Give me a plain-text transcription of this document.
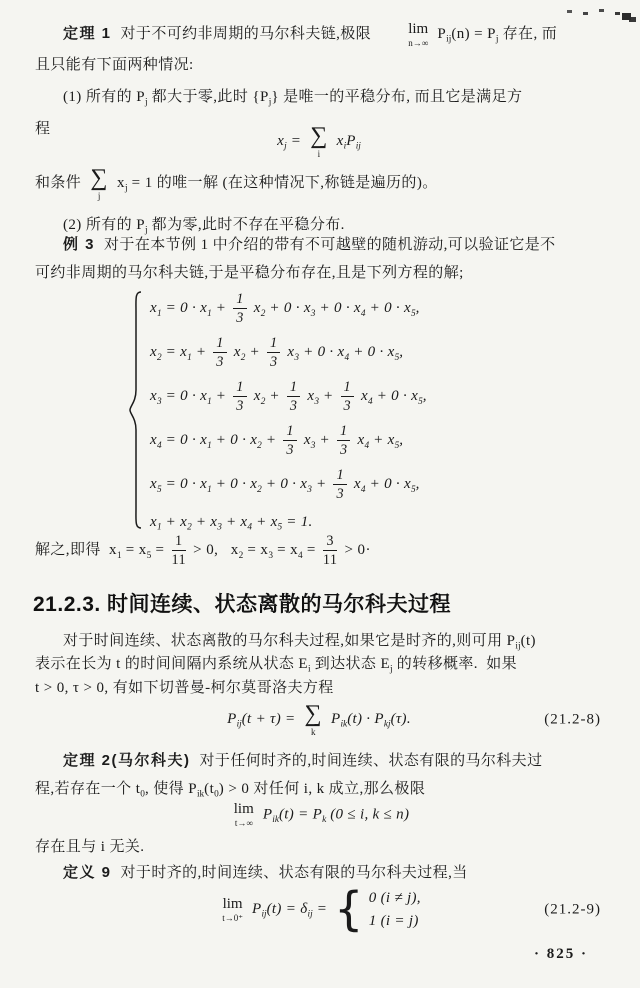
定理 1 对于不可约非周期的马尔科夫链,极限	lim
n→∞
$P_{ij}(n) = P_j$ 存在, 而
且只能有下面两种情况:
(1) 所有的 $P_j$ 都大于零,此时 $\{P_j\}$ 是唯一的平稳分布, 而且它是满足方
程
$x_j$ = ∑
i
$x_iP_{ij}$
和条件 ∑
j
$x_j = 1$ 的唯一解 (在这种情况下,称链是遍历的)。
(2) 所有的 $P_j$ 都为零,此时不存在平稳分布.
例 3 对于在本节例 1 中介绍的带有不可越壁的随机游动,可以验证它是不
可约非周期的马尔科夫链,于是平稳分布存在,且是下列方程的解;
$x_1 = 0 \cdot x_1 + \frac{1}{3} x_2 + 0 \cdot x_3 + 0 \cdot x_4 + 0 \cdot x_5$,
$x_2 = x_1 + \frac{1}{3} x_2 + \frac{1}{3} x_3 + 0 \cdot x_4 + 0 \cdot x_5$,
$x_3 = 0 \cdot x_1 + \frac{1}{3} x_2 + \frac{1}{3} x_3 + \frac{1}{3} x_4 + 0 \cdot x_5$,
$x_4 = 0 \cdot x_1 + 0 \cdot x_2 + \frac{1}{3} x_3 + \frac{1}{3} x_4 + x_5$,
$x_5 = 0 \cdot x_1 + 0 \cdot x_2 + 0 \cdot x_3 + \frac{1}{3} x_4 + 0 \cdot x_5$,
$x_1 + x_2 + x_3 + x_4 + x_5 = 1$.
解之,即得  $x_1 = x_5 = \frac{1}{11} > 0$,   $x_2 = x_3 = x_4 = \frac{3}{11} > 0\cdot$
21.2.3. 时间连续、状态离散的马尔科夫过程
对于时间连续、状态离散的马尔科夫过程,如果它是时齐的,则可用 $P_{ij}(t)$
表示在长为 t 的时间间隔内系统从状态 $E_i$ 到达状态 $E_j$ 的转移概率.  如果
t > 0, τ > 0, 有如下切普曼-柯尔莫哥洛夫方程
$P_{ij}(t + \tau)$ = ∑
k
$P_{ik}(t) \cdot P_{kj}(\tau)$.	(21.2-8)
定理 2(马尔科夫) 对于任何时齐的,时间连续、状态有限的马尔科夫过
程,若存在一个 $t_0$, 使得 $P_{ik}(t_0) > 0$ 对任何 i, k 成立,那么极限
lim
t→∞
$P_{ik}(t) = P_k$ (0 ≤ i, k ≤ n)
存在且与 i 无关.
定义 9 对于时齐的,时间连续、状态有限的马尔科夫过程,当
lim
t→0⁺
$P_{ij}(t) = \delta_{ij}$ = { 0 (i ≠ j),
1 (i = j)
(21.2-9)
· 825 ·
